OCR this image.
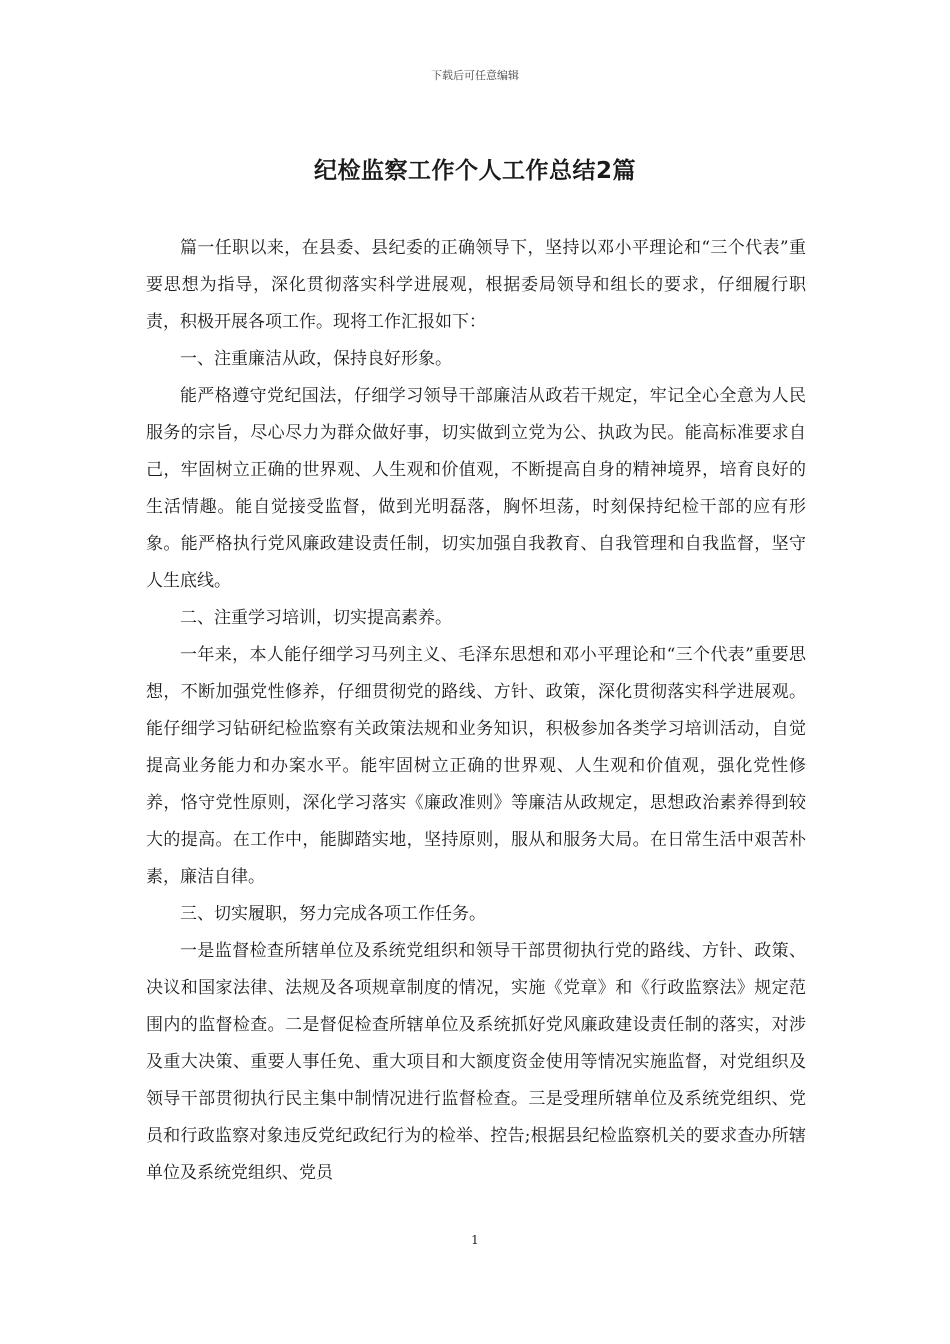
下载后可任意编辑
纪检监察工作个人工作总结2篇

篇一任职以来，在县委、县纪委的正确领导下，坚持以邓小平理论和“三个代表”重要思想为指导，深化贯彻落实科学进展观，根据委局领导和组长的要求，仔细履行职责，积极开展各项工作。现将工作汇报如下：

一、注重廉洁从政，保持良好形象。

能严格遵守党纪国法，仔细学习领导干部廉洁从政若干规定，牢记全心全意为人民服务的宗旨，尽心尽力为群众做好事，切实做到立党为公、执政为民。能高标准要求自己，牢固树立正确的世界观、人生观和价值观，不断提高自身的精神境界，培育良好的生活情趣。能自觉接受监督，做到光明磊落，胸怀坦荡，时刻保持纪检干部的应有形象。能严格执行党风廉政建设责任制，切实加强自我教育、自我管理和自我监督，坚守人生底线。

二、注重学习培训，切实提高素养。

一年来，本人能仔细学习马列主义、毛泽东思想和邓小平理论和“三个代表”重要思想，不断加强党性修养，仔细贯彻党的路线、方针、政策，深化贯彻落实科学进展观。能仔细学习钻研纪检监察有关政策法规和业务知识，积极参加各类学习培训活动，自觉提高业务能力和办案水平。能牢固树立正确的世界观、人生观和价值观，强化党性修养，恪守党性原则，深化学习落实《廉政准则》等廉洁从政规定，思想政治素养得到较大的提高。在工作中，能脚踏实地，坚持原则，服从和服务大局。在日常生活中艰苦朴素，廉洁自律。

三、切实履职，努力完成各项工作任务。

一是监督检查所辖单位及系统党组织和领导干部贯彻执行党的路线、方针、政策、决议和国家法律、法规及各项规章制度的情况，实施《党章》和《行政监察法》规定范围内的监督检查。二是督促检查所辖单位及系统抓好党风廉政建设责任制的落实，对涉及重大决策、重要人事任免、重大项目和大额度资金使用等情况实施监督，对党组织及领导干部贯彻执行民主集中制情况进行监督检查。三是受理所辖单位及系统党组织、党员和行政监察对象违反党纪政纪行为的检举、控告;根据县纪检监察机关的要求查办所辖单位及系统党组织、党员

1
